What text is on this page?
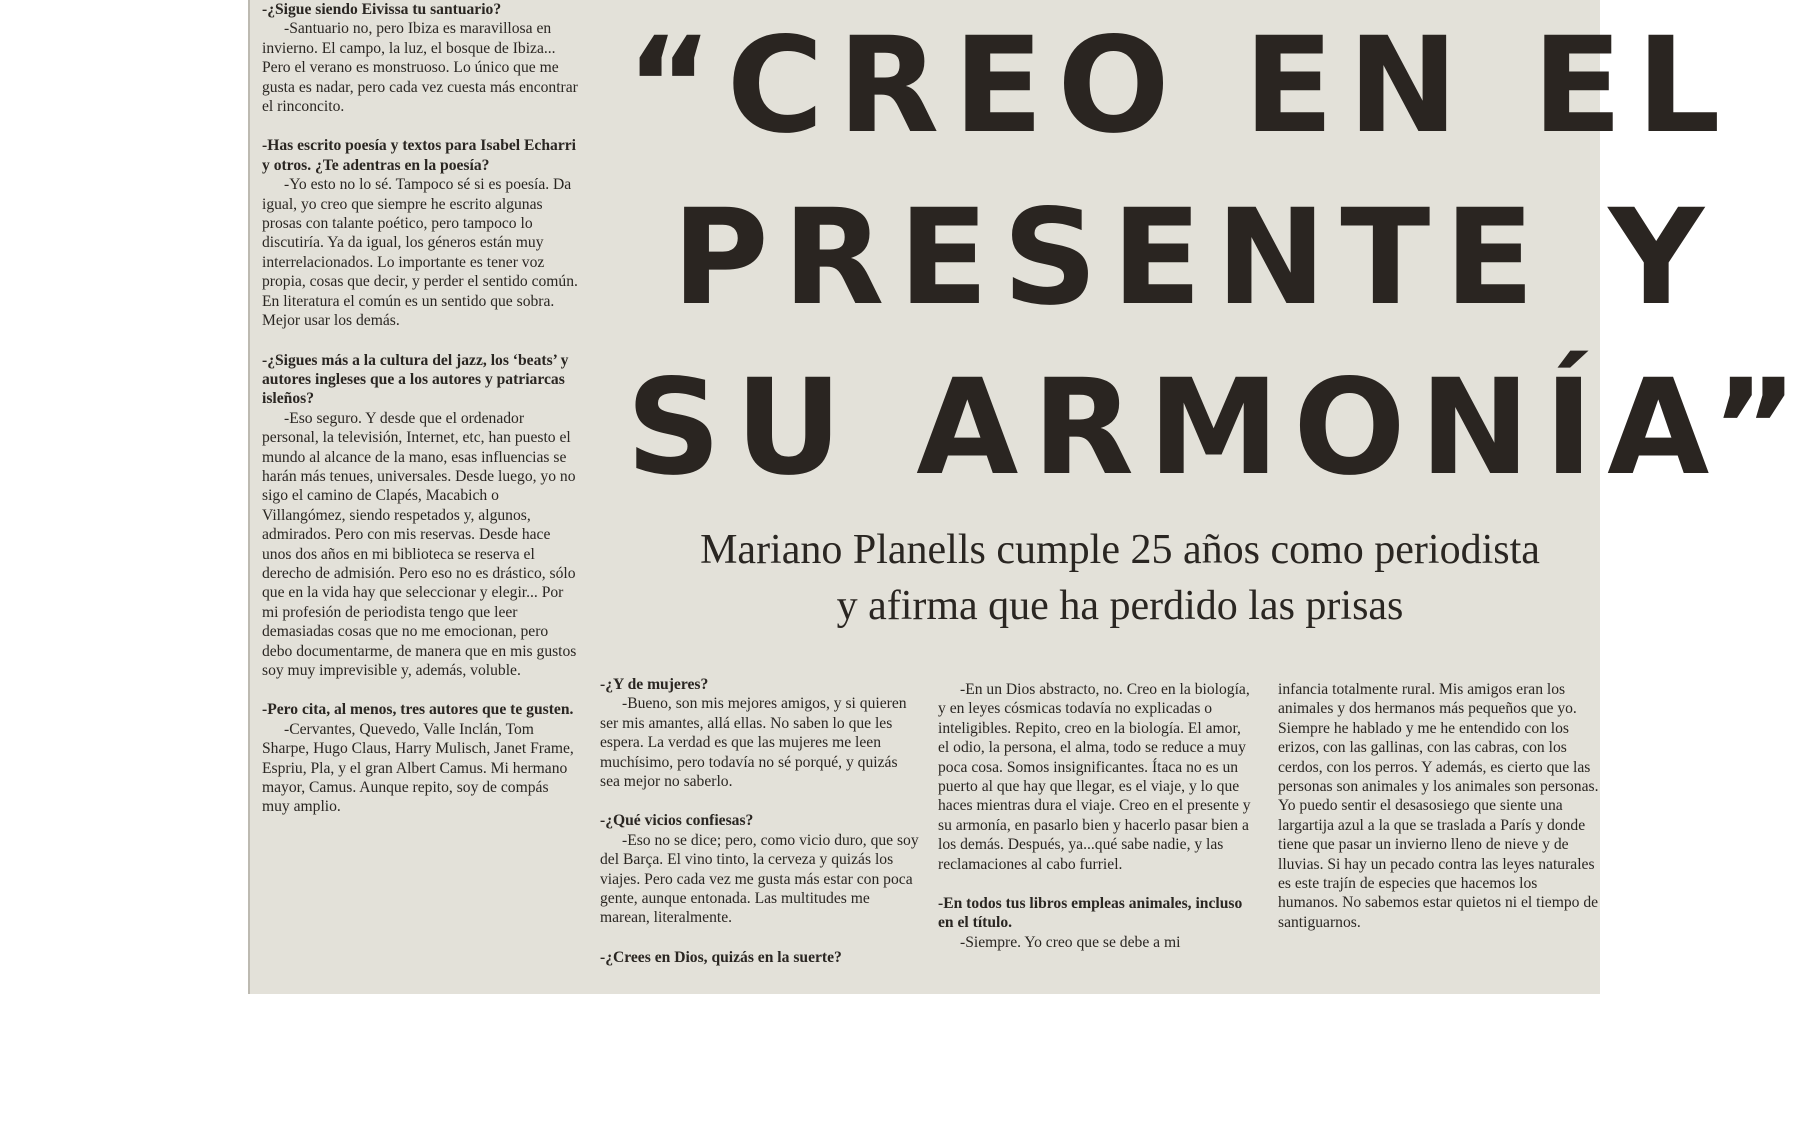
“CREO EN EL
PRESENTE Y
SU ARMONÍA”
Mariano Planells cumple 25 años como periodista
y afirma que ha perdido las prisas

-¿Sigue siendo Eivissa tu santuario?

-Santuario no, pero Ibiza es maravillosa en invierno. El campo, la luz, el bosque de Ibiza... Pero el verano es monstruoso. Lo único que me gusta es nadar, pero cada vez cuesta más encontrar el rinconcito.

-Has escrito poesía y textos para Isabel Echarri y otros. ¿Te adentras en la poesía?

-Yo esto no lo sé. Tampoco sé si es poesía. Da igual, yo creo que siempre he escrito algunas prosas con talante poético, pero tampoco lo discutiría. Ya da igual, los géneros están muy interrelacionados. Lo importante es tener voz propia, cosas que decir, y perder el sentido común. En literatura el común es un sentido que sobra. Mejor usar los demás.

-¿Sigues más a la cultura del jazz, los ‘beats’ y autores ingleses que a los autores y patriarcas isleños?

-Eso seguro. Y desde que el ordenador personal, la televisión, Internet, etc, han puesto el mundo al alcance de la mano, esas influencias se harán más tenues, universales. Desde luego, yo no sigo el camino de Clapés, Macabich o Villangómez, siendo respetados y, algunos, admirados. Pero con mis reservas. Desde hace unos dos años en mi biblioteca se reserva el derecho de admisión. Pero eso no es drástico, sólo que en la vida hay que seleccionar y elegir... Por mi profesión de periodista tengo que leer demasiadas cosas que no me emocionan, pero debo documentarme, de manera que en mis gustos soy muy imprevisible y, además, voluble.

-Pero cita, al menos, tres autores que te gusten.

-Cervantes, Quevedo, Valle Inclán, Tom Sharpe, Hugo Claus, Harry Mulisch, Janet Frame, Espriu, Pla, y el gran Albert Camus. Mi hermano mayor, Camus. Aunque repito, soy de compás muy amplio.

-¿Y de mujeres?

-Bueno, son mis mejores amigos, y si quieren ser mis amantes, allá ellas. No saben lo que les espera. La verdad es que las mujeres me leen muchísimo, pero todavía no sé porqué, y quizás sea mejor no saberlo.

-¿Qué vicios confiesas?

-Eso no se dice; pero, como vicio duro, que soy del Barça. El vino tinto, la cerveza y quizás los viajes. Pero cada vez me gusta más estar con poca gente, aunque entonada. Las multitudes me marean, literalmente.

-¿Crees en Dios, quizás en la suerte?

-En un Dios abstracto, no. Creo en la biología, y en leyes cósmicas todavía no explicadas o inteligibles. Repito, creo en la biología. El amor, el odio, la persona, el alma, todo se reduce a muy poca cosa. Somos insignificantes. Ítaca no es un puerto al que hay que llegar, es el viaje, y lo que haces mientras dura el viaje. Creo en el presente y su armonía, en pasarlo bien y hacerlo pasar bien a los demás. Después, ya...qué sabe nadie, y las reclamaciones al cabo furriel.

-En todos tus libros empleas animales, incluso en el título.

-Siempre. Yo creo que se debe a mi

infancia totalmente rural. Mis amigos eran los animales y dos hermanos más pequeños que yo. Siempre he hablado y me he entendido con los erizos, con las gallinas, con las cabras, con los cerdos, con los perros. Y además, es cierto que las personas son animales y los animales son personas. Yo puedo sentir el desasosiego que siente una largartija azul a la que se traslada a París y donde tiene que pasar un invierno lleno de nieve y de lluvias. Si hay un pecado contra las leyes naturales es este trajín de especies que hacemos los humanos. No sabemos estar quietos ni el tiempo de santiguarnos.
